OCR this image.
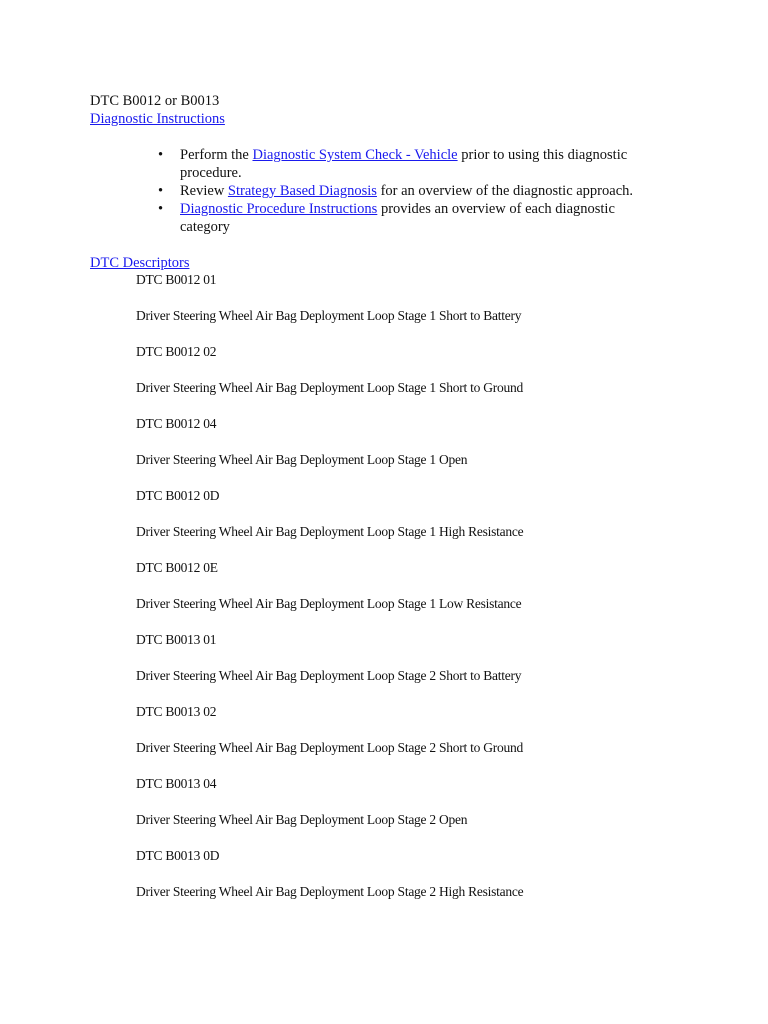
DTC B0012 or B0013
Diagnostic Instructions
• Perform the Diagnostic System Check - Vehicle prior to using this diagnostic procedure.
• Review Strategy Based Diagnosis for an overview of the diagnostic approach.
• Diagnostic Procedure Instructions provides an overview of each diagnostic category
DTC Descriptors
DTC B0012 01
Driver Steering Wheel Air Bag Deployment Loop Stage 1 Short to Battery
DTC B0012 02
Driver Steering Wheel Air Bag Deployment Loop Stage 1 Short to Ground
DTC B0012 04
Driver Steering Wheel Air Bag Deployment Loop Stage 1 Open
DTC B0012 0D
Driver Steering Wheel Air Bag Deployment Loop Stage 1 High Resistance
DTC B0012 0E
Driver Steering Wheel Air Bag Deployment Loop Stage 1 Low Resistance
DTC B0013 01
Driver Steering Wheel Air Bag Deployment Loop Stage 2 Short to Battery
DTC B0013 02
Driver Steering Wheel Air Bag Deployment Loop Stage 2 Short to Ground
DTC B0013 04
Driver Steering Wheel Air Bag Deployment Loop Stage 2 Open
DTC B0013 0D
Driver Steering Wheel Air Bag Deployment Loop Stage 2 High Resistance
